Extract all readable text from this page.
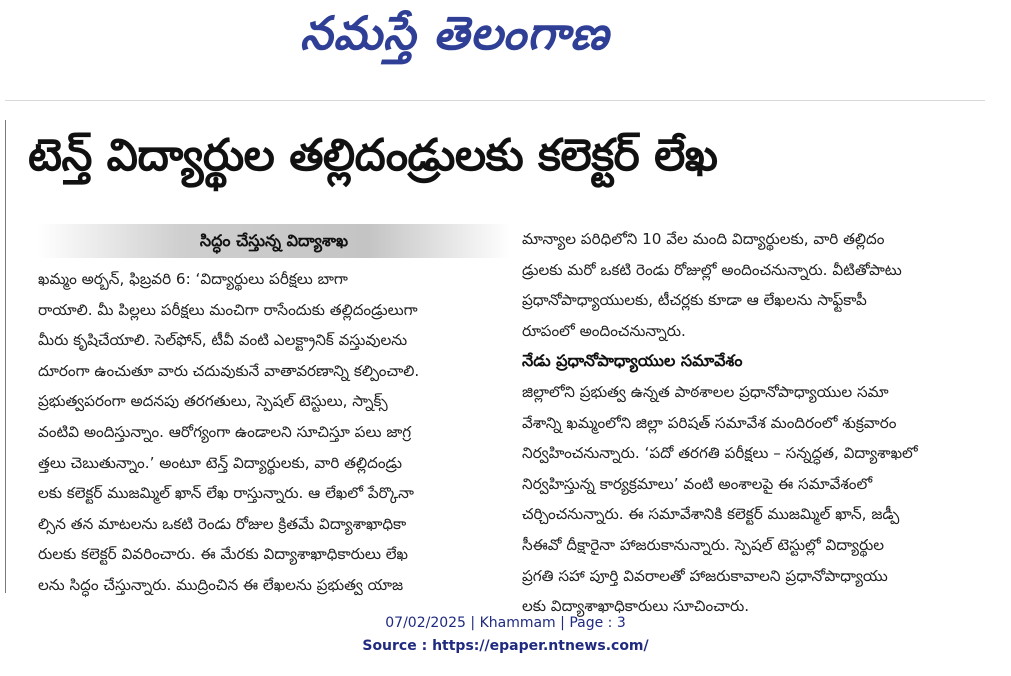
నమస్తే తెలంగాణ
టెన్త్ విద్యార్థుల తల్లిదండ్రులకు కలెక్టర్ లేఖ
సిద్ధం చేస్తున్న విద్యాశాఖ
ఖమ్మం అర్బన్, ఫిబ్రవరి 6: ‘విద్యార్థులు పరీక్షలు బాగా
రాయాలి. మీ పిల్లలు పరీక్షలు మంచిగా రాసేందుకు తల్లిదండ్రులుగా
మీరు కృషిచేయాలి. సెల్‌ఫోన్, టీవీ వంటి ఎలక్ట్రానిక్ వస్తువులను
దూరంగా ఉంచుతూ వారు చదువుకునే వాతావరణాన్ని కల్పించాలి.
ప్రభుత్వపరంగా అదనపు తరగతులు, స్పెషల్ టెస్టులు, స్నాక్స్
వంటివి అందిస్తున్నాం. ఆరోగ్యంగా ఉండాలని సూచిస్తూ పలు జాగ్ర
త్తలు చెబుతున్నాం.’ అంటూ టెన్త్ విద్యార్థులకు, వారి తల్లిదండ్రు
లకు కలెక్టర్ ముజమ్మిల్ ఖాన్ లేఖ రాస్తున్నారు. ఆ లేఖలో పేర్కొనా
ల్సిన తన మాటలను ఒకటి రెండు రోజుల క్రితమే విద్యాశాఖాధికా
రులకు కలెక్టర్ వివరించారు. ఈ మేరకు విద్యాశాఖాధికారులు లేఖ
లను సిద్ధం చేస్తున్నారు. ముద్రించిన ఈ లేఖలను ప్రభుత్వ యాజ
మాన్యాల పరిధిలోని 10 వేల మంది విద్యార్థులకు, వారి తల్లిదం
డ్రులకు మరో ఒకటి రెండు రోజుల్లో అందించనున్నారు. వీటితోపాటు
ప్రధానోపాధ్యాయులకు, టీచర్లకు కూడా ఆ లేఖలను సాఫ్ట్‌కాపీ
రూపంలో అందించనున్నారు.
నేడు ప్రధానోపాధ్యాయుల సమావేశం
జిల్లాలోని ప్రభుత్వ ఉన్నత పాఠశాలల ప్రధానోపాధ్యాయుల సమా
వేశాన్ని ఖమ్మంలోని జిల్లా పరిషత్ సమావేశ మందిరంలో శుక్రవారం
నిర్వహించనున్నారు. ‘పదో తరగతి పరీక్షలు – సన్నద్ధత, విద్యాశాఖలో
నిర్వహిస్తున్న కార్యక్రమాలు’ వంటి అంశాలపై ఈ సమావేశంలో
చర్చించనున్నారు. ఈ సమావేశానికి కలెక్టర్ ముజమ్మిల్ ఖాన్, జడ్పీ
సీఈవో దీక్షారైనా హాజరుకానున్నారు. స్పెషల్ టెస్టుల్లో విద్యార్థుల
ప్రగతి సహా పూర్తి వివరాలతో హాజరుకావాలని ప్రధానోపాధ్యాయు
లకు విద్యాశాఖాధికారులు సూచించారు.
07/02/2025 | Khammam | Page : 3
Source : https://epaper.ntnews.com/
